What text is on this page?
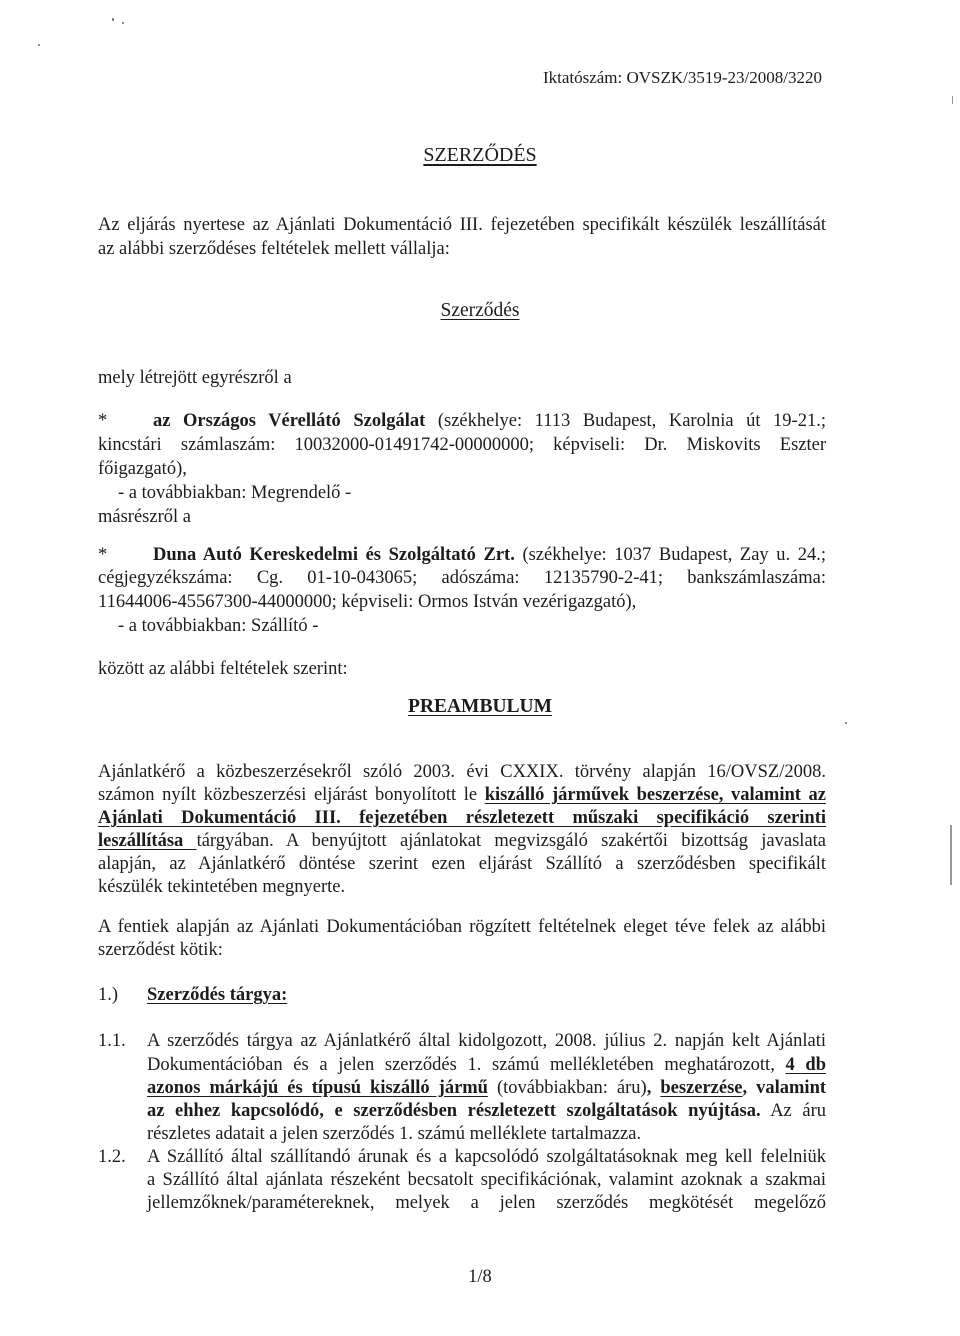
Iktatószám: OVSZK/3519-23/2008/3220
SZERZŐDÉS
Az eljárás nyertese az Ajánlati Dokumentáció III. fejezetében specifikált készülék leszállítását
az alábbi szerződéses feltételek mellett vállalja:
Szerződés
mely létrejött egyrészről a
* az Országos Vérellátó Szolgálat (székhelye: 1113 Budapest, Karolnia út 19-21.;
kincstári számlaszám: 10032000-01491742-00000000; képviseli: Dr. Miskovits Eszter
főigazgató),
- a továbbiakban: Megrendelő -
másrészről a
* Duna Autó Kereskedelmi és Szolgáltató Zrt. (székhelye: 1037 Budapest, Zay u. 24.;
cégjegyzékszáma: Cg. 01-10-043065; adószáma: 12135790-2-41; bankszámlaszáma:
11644006-45567300-44000000; képviseli: Ormos István vezérigazgató),
- a továbbiakban: Szállító -
között az alábbi feltételek szerint:
PREAMBULUM
Ajánlatkérő a közbeszerzésekről szóló 2003. évi CXXIX. törvény alapján 16/OVSZ/2008.
számon nyílt közbeszerzési eljárást bonyolított le kiszálló járművek beszerzése, valamint az
Ajánlati Dokumentáció III. fejezetében részletezett műszaki specifikáció szerinti
leszállítása tárgyában. A benyújtott ajánlatokat megvizsgáló szakértői bizottság javaslata
alapján, az Ajánlatkérő döntése szerint ezen eljárást Szállító a szerződésben specifikált
készülék tekintetében megnyerte.
A fentiek alapján az Ajánlati Dokumentációban rögzített feltételnek eleget téve felek az alábbi
szerződést kötik:
1.) Szerződés tárgya:
1.1. A szerződés tárgya az Ajánlatkérő által kidolgozott, 2008. július 2. napján kelt Ajánlati
Dokumentációban és a jelen szerződés 1. számú mellékletében meghatározott, 4 db
azonos márkájú és típusú kiszálló jármű (továbbiakban: áru), beszerzése, valamint
az ehhez kapcsolódó, e szerződésben részletezett szolgáltatások nyújtása. Az áru
részletes adatait a jelen szerződés 1. számú melléklete tartalmazza.
1.2. A Szállító által szállítandó árunak és a kapcsolódó szolgáltatásoknak meg kell felelniük
a Szállító által ajánlata részeként becsatolt specifikációnak, valamint azoknak a szakmai
jellemzőknek/paramétereknek, melyek a jelen szerződés megkötését megelőző
1/8
